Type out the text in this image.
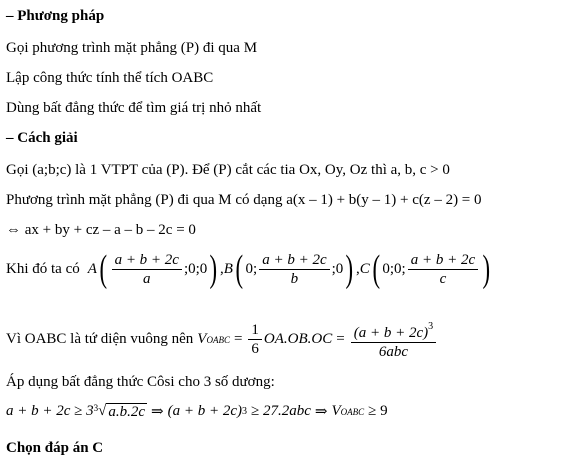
– Phương pháp
Gọi phương trình mặt phẳng (P) đi qua M
Lập công thức tính thể tích OABC
Dùng bất đẳng thức để tìm giá trị nhỏ nhất
– Cách giải
Gọi (a;b;c) là 1 VTPT của (P). Để (P) cắt các tia Ox, Oy, Oz thì a, b, c > 0
Phương trình mặt phẳng (P) đi qua M có dạng a(x – 1) + b(y – 1) + c(z – 2) = 0
⇔ ax + by + cz – a – b – 2c = 0
Khi đó ta có A ( $\frac{a + b + 2c}{a}$ ;0;0 ) , B ( 0; $\frac{a + b + 2c}{b}$ ;0 ) , C ( 0;0; $\frac{a + b + 2c}{c}$ )
Vì OABC là tứ diện vuông nên V OABC = $\frac{1}{6} OA.OB.OC = \frac{(a + b + 2c)^3}{\text{6abc}}$
Áp dụng bất đẳng thức Côsi cho 3 số dương:
a + b + 2c ≥ 3 3 √ a.b.2c ⇒ (a + b + 2c) 3 ≥ 27.2abc ⇒ V OABC ≥ 9
Chọn đáp án C
